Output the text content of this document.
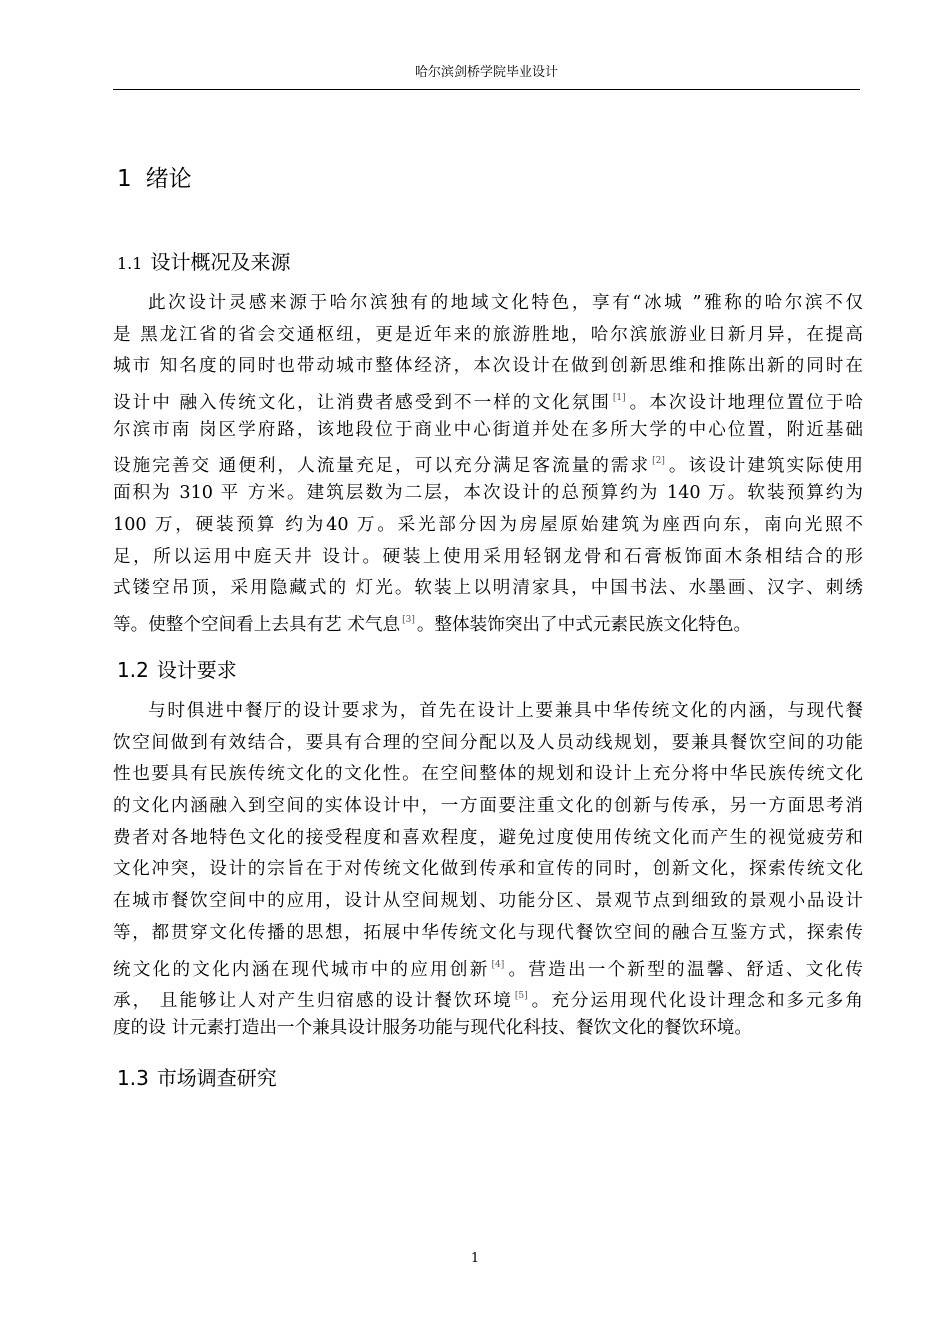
哈尔滨剑桥学院毕业设计
1 绪论
1.1 设计概况及来源
此次设计灵感来源于哈尔滨独有的地域文化特色，享有“冰城 ”雅称的哈尔滨不仅
是 黑龙江省的省会交通枢纽，更是近年来的旅游胜地，哈尔滨旅游业日新月异，在提高
城市 知名度的同时也带动城市整体经济，本次设计在做到创新思维和推陈出新的同时在
设计中 融入传统文化，让消费者感受到不一样的文化氛围 [1] 。本次设计地理位置位于哈
尔滨市南 岗区学府路，该地段位于商业中心街道并处在多所大学的中心位置，附近基础
设施完善交 通便利，人流量充足，可以充分满足客流量的需求 [2] 。该设计建筑实际使用
面积为 310 平 方米。建筑层数为二层，本次设计的总预算约为 140 万。软装预算约为
100 万，硬装预算 约为40 万。采光部分因为房屋原始建筑为座西向东，南向光照不
足，所以运用中庭天井 设计。硬装上使用采用轻钢龙骨和石膏板饰面木条相结合的形
式镂空吊顶，采用隐藏式的 灯光。软装上以明清家具，中国书法、水墨画、汉字、刺绣
等。使整个空间看上去具有艺 术气息 [3] 。整体装饰突出了中式元素民族文化特色。
1.2 设计要求
与时俱进中餐厅的设计要求为，首先在设计上要兼具中华传统文化的内涵，与现代餐
饮空间做到有效结合，要具有合理的空间分配以及人员动线规划，要兼具餐饮空间的功能
性也要具有民族传统文化的文化性。在空间整体的规划和设计上充分将中华民族传统文化
的文化内涵融入到空间的实体设计中，一方面要注重文化的创新与传承，另一方面思考消
费者对各地特色文化的接受程度和喜欢程度，避免过度使用传统文化而产生的视觉疲劳和
文化冲突，设计的宗旨在于对传统文化做到传承和宣传的同时，创新文化，探索传统文化
在城市餐饮空间中的应用，设计从空间规划、功能分区、景观节点到细致的景观小品设计
等，都贯穿文化传播的思想，拓展中华传统文化与现代餐饮空间的融合互鉴方式，探索传
统文化的文化内涵在现代城市中的应用创新 [4] 。营造出一个新型的温馨、舒适、文化传
承， 且能够让人对产生归宿感的设计餐饮环境 [5] 。充分运用现代化设计理念和多元多角
度的设 计元素打造出一个兼具设计服务功能与现代化科技、餐饮文化的餐饮环境。
1.3 市场调查研究
1
